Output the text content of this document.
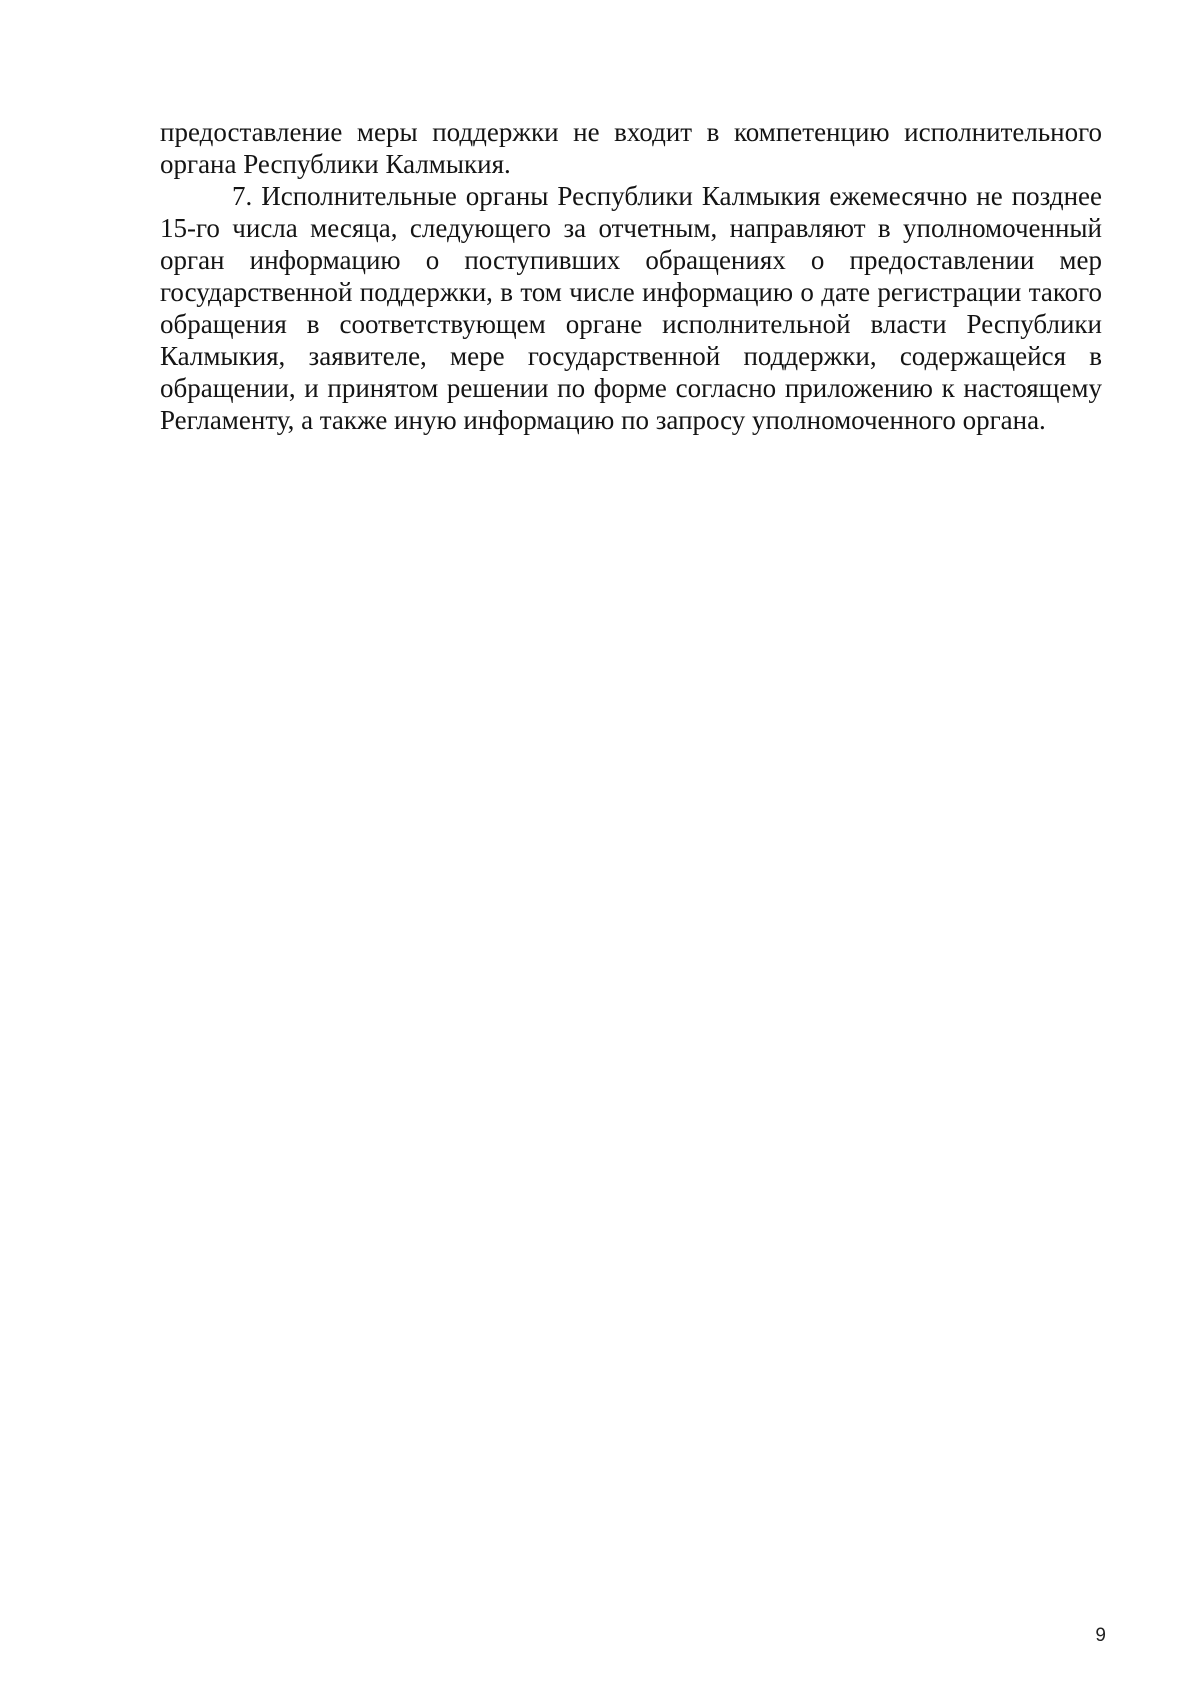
предоставление меры поддержки не входит в компетенцию исполнительного органа Республики Калмыкия.

7. Исполнительные органы Республики Калмыкия ежемесячно не позднее 15-го числа месяца, следующего за отчетным, направляют в уполномоченный орган информацию о поступивших обращениях о предоставлении мер государственной поддержки, в том числе информацию о дате регистрации такого обращения в соответствующем органе исполнительной власти Республики Калмыкия, заявителе, мере государственной поддержки, содержащейся в обращении, и принятом решении по форме согласно приложению к настоящему Регламенту, а также иную информацию по запросу уполномоченного органа.

9
